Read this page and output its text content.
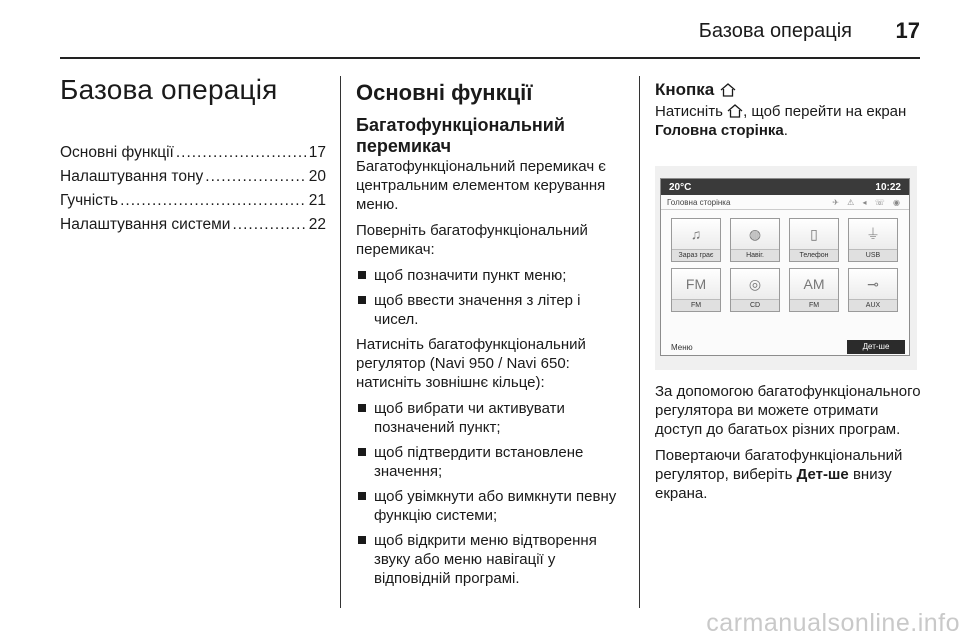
Базова операція 17
Базова операція
Основні функції .....	17
Налаштування тону .....	20
Гучність .....	21
Налаштування системи .....	22
Основні функції
Багатофункціональний перемикач

Багатофункціональний перемикач є центральним елементом керування меню.

Поверніть багатофункціональний перемикач:

щоб позначити пункт меню;
щоб ввести значення з літер і чисел.

Натисніть багатофункціональний регулятор (Navi 950 / Navi 650: натисніть зовнішнє кільце):

щоб вибрати чи активувати позначений пункт;
щоб підтвердити встановлене значення;
щоб увімкнути або вимкнути певну функцію системи;
щоб відкрити меню відтворення звуку або меню навігації у відповідній програмі.
Кнопка

Натисніть , щоб перейти на екран Головна сторінка.

20°C	10:22
Головна сторінка	✈ ⚠ ◂ ☏ ◉
♫
Зараз грає
◍
Навіг.
▯
Телефон
⏚
USB
FM
FM
◎
CD
AM
FM
⊸
AUX
Меню	Дет-ше

За допомогою багатофункціонального регулятора ви можете отримати доступ до багатьох різних програм.

Повертаючи багатофункціональний регулятор, виберіть Дет-ше внизу екрана.

carmanualsonline.info
